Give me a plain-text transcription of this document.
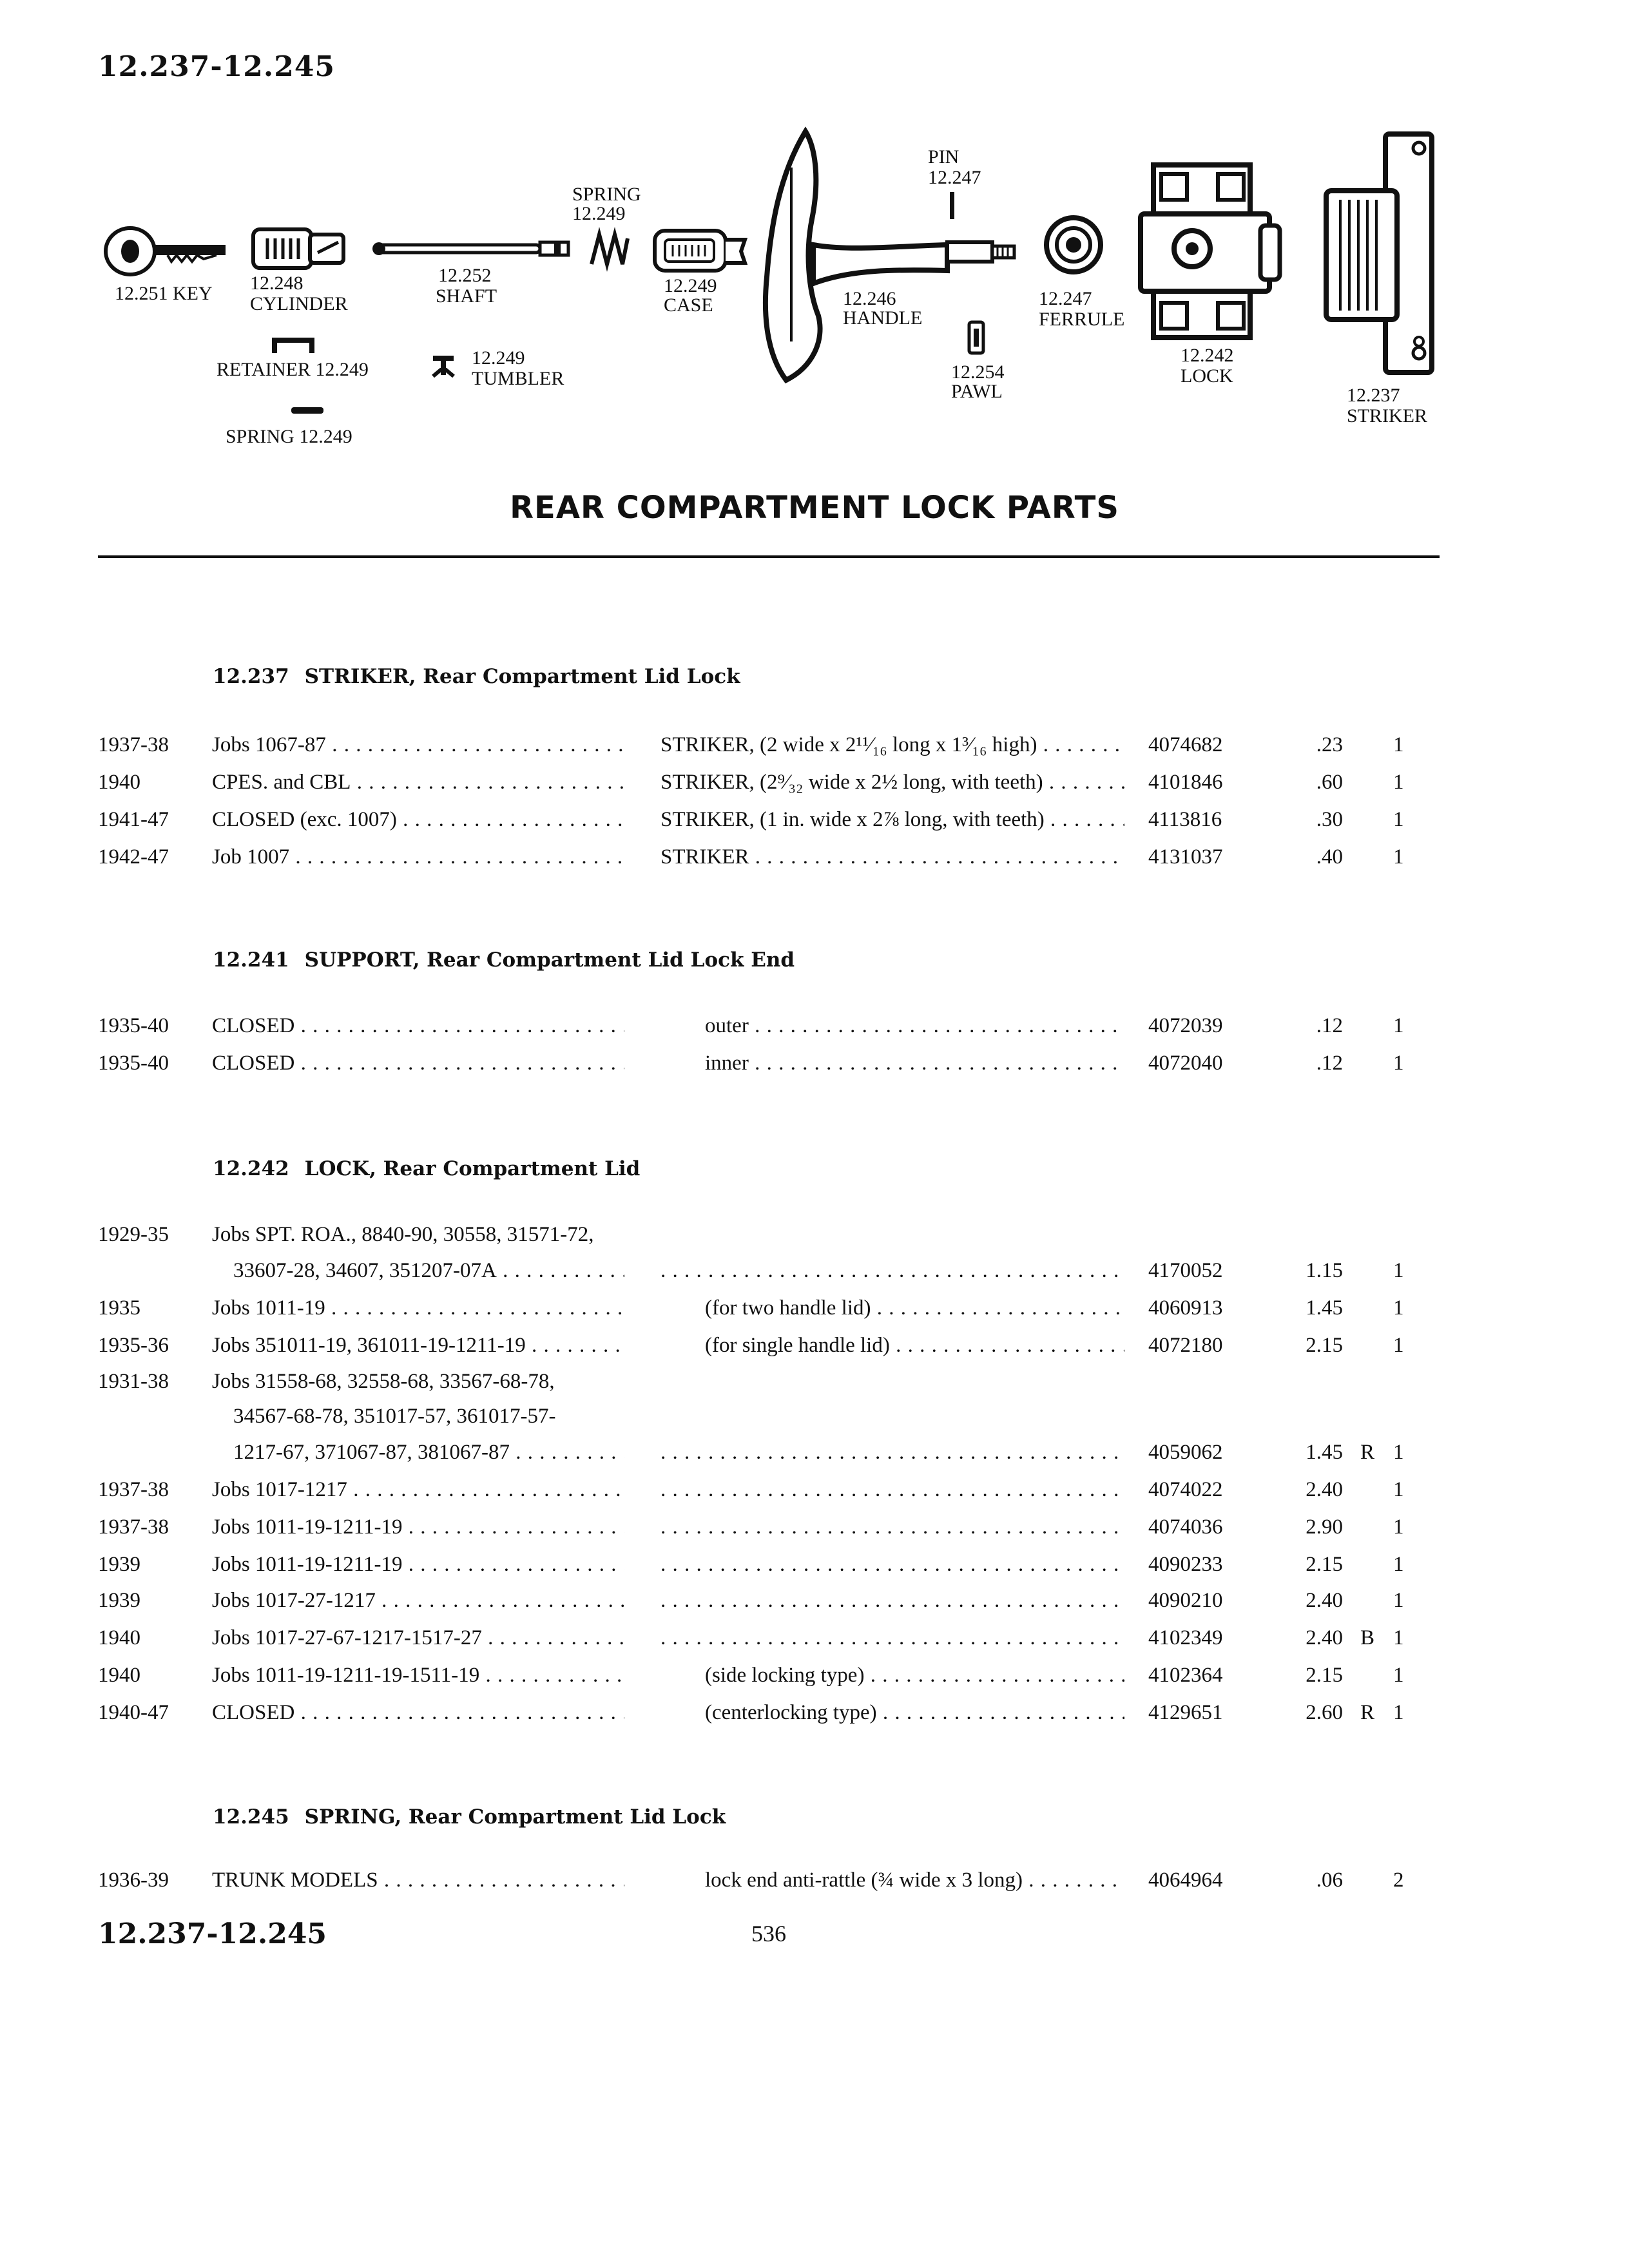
12.237-12.245
12.251 KEY 12.248
CYLINDER
RETAINER 12.249
SPRING 12.249
12.252
SHAFT
12.249
TUMBLER
SPRING
12.249
12.249
CASE	12.246
HANDLE
PIN
12.247
12.254
PAWL
12.247
FERRULE
12.242
LOCK
12.237
STRIKER
REAR COMPARTMENT LOCK PARTS
12.237 STRIKER, Rear Compartment Lid Lock
1937-38 Jobs 1067-87 . . .	STRIKER, (2 wide x 2¹¹⁄₁₆ long x 1³⁄₁₆ high) . . .	4074682	.23 1
1940	CPES. and CBL . . .	STRIKER, (2⁹⁄₃₂ wide x 2½ long, with teeth) . . .	4101846	.60 1
1941-47 CLOSED (exc. 1007) . . .	STRIKER, (1 in. wide x 2⅞ long, with teeth) . . .	4113816	.30 1
1942-47 Job 1007 . . .	STRIKER . . .	4131037	.40 1
12.241 SUPPORT, Rear Compartment Lid Lock End
1935-40 CLOSED . . .	outer . . .	4072039	.12 1
1935-40 CLOSED . . .	inner . . .	4072040	.12 1
12.242 LOCK, Rear Compartment Lid
1929-35 Jobs SPT. ROA., 8840-90, 30558, 31571-72,
33607-28, 34607, 351207-07A . . . . . .	4170052	1.15 1
1935	Jobs 1011-19 . . .	(for two handle lid) . . .	4060913	1.45 1
1935-36 Jobs 351011-19, 361011-19-1211-19 . . .	(for single handle lid) . . .	4072180	2.15 1
1931-38 Jobs 31558-68, 32558-68, 33567-68-78,
34567-68-78, 351017-57, 361017-57-
1217-67, 371067-87, 381067-87 . . . . . .	4059062	1.45 R 1
1937-38 Jobs 1017-1217 . . . . . .	4074022	2.40 1
1937-38 Jobs 1011-19-1211-19 . . . . . .	4074036	2.90 1
1939	Jobs 1011-19-1211-19 . . . . . .	4090233	2.15 1
1939	Jobs 1017-27-1217 . . . . . .	4090210	2.40 1
1940	Jobs 1017-27-67-1217-1517-27 . . . . . .	4102349	2.40 B 1
1940	Jobs 1011-19-1211-19-1511-19 . . .	(side locking type) . . .	4102364	2.15 1
1940-47 CLOSED . . .	(centerlocking type) . . .	4129651	2.60 R 1
12.245 SPRING, Rear Compartment Lid Lock
1936-39 TRUNK MODELS . . .	lock end anti-rattle (¾ wide x 3 long) . . .	4064964	.06 2
12.237-12.245	536
